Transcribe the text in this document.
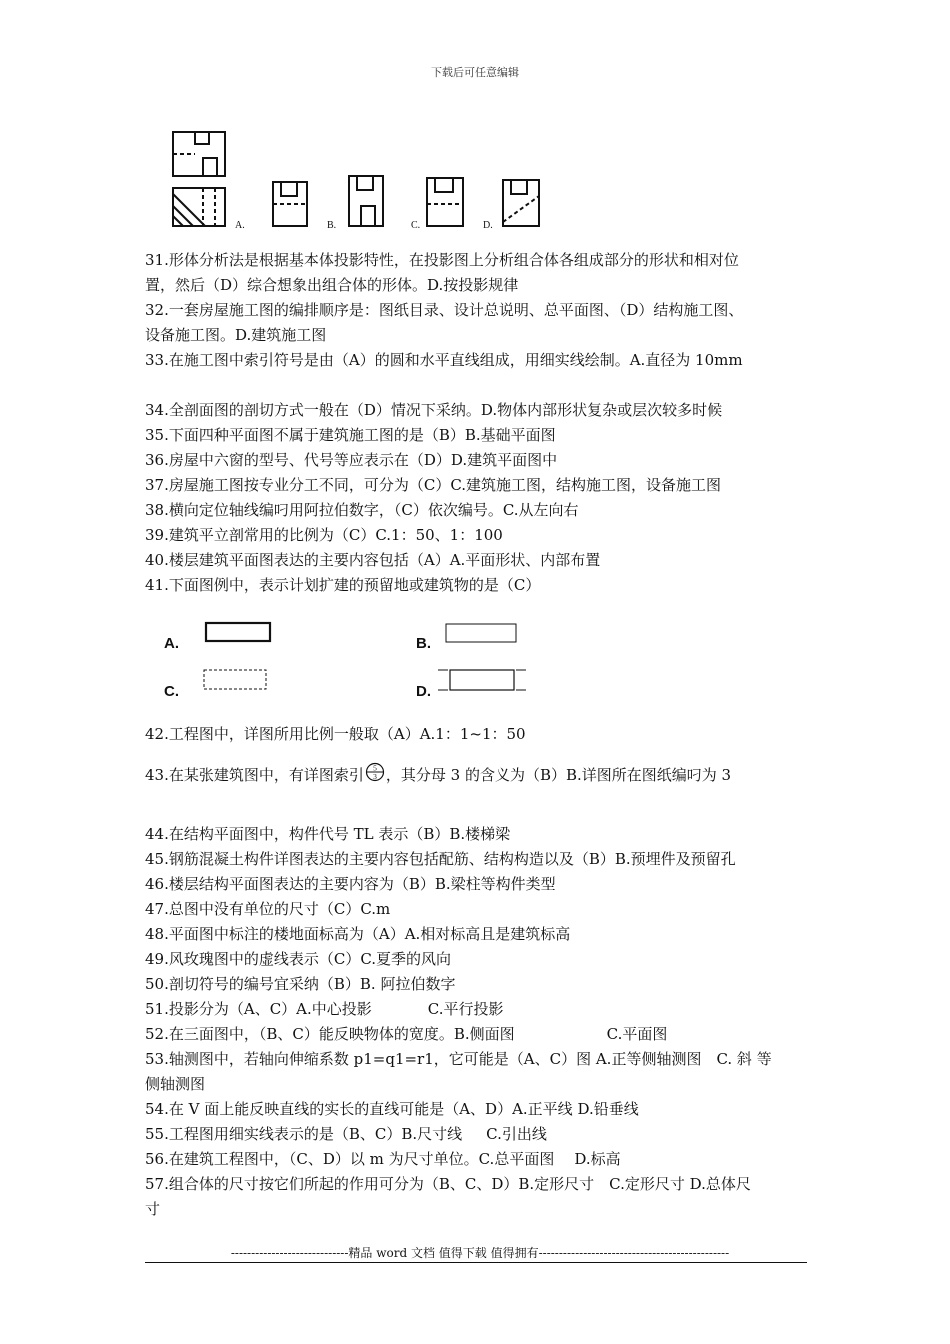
下载后可任意编辑
A.	B.	C.	D.

31.形体分析法是根据基本体投影特性，在投影图上分析组合体各组成部分的形状和相对位

置，然后（D）综合想象出组合体的形体。D.按投影规律

32.一套房屋施工图的编排顺序是：图纸目录、设计总说明、总平面图、（D）结构施工图、

设备施工图。D.建筑施工图

33.在施工图中索引符号是由（A）的圆和水平直线组成，用细实线绘制。A.直径为 10mm

34.全剖面图的剖切方式一般在（D）情况下采纳。D.物体内部形状复杂或层次较多时候

35.下面四种平面图不属于建筑施工图的是（B）B.基础平面图

36.房屋中六窗的型号、代号等应表示在（D）D.建筑平面图中

37.房屋施工图按专业分工不同，可分为（C）C.建筑施工图，结构施工图，设备施工图

38.横向定位轴线编叼用阿拉伯数字，（C）依次编号。C.从左向右

39.建筑平立剖常用的比例为（C）C.1：50、1：100

40.楼层建筑平面图表达的主要内容包括（A）A.平面形状、内部布置

41.下面图例中，表示计划扩建的预留地或建筑物的是（C）

A.	B.
C.	D.

42.工程图中，详图所用比例一般取（A）A.1：1~1：50

43.在某张建筑图中，有详图索引 5
3 ，其分母 3 的含义为（B）B.详图所在图纸编叼为 3

44.在结构平面图中，构件代号 TL 表示（B）B.楼梯梁

45.钢筋混凝土构件详图表达的主要内容包括配筋、结构构造以及（B）B.预埋件及预留孔

46.楼层结构平面图表达的主要内容为（B）B.梁柱等构件类型

47.总图中没有单位的尺寸（C）C.m

48.平面图中标注的楼地面标高为（A）A.相对标高且是建筑标高

49.风玫瑰图中的虚线表示（C）C.夏季的风向

50.剖切符号的编号宜采纳（B）B. 阿拉伯数字

51.投影分为（A、C）A.中心投影	C.平行投影

52.在三面图中，（B、C）能反映物体的宽度。B.侧面图	C.平面图

53.轴测图中，若轴向伸缩系数 p1=q1=r1，它可能是（A、C）图 A.正等侧轴测图　C. 斜 等

侧轴测图

54.在 V 面上能反映直线的实长的直线可能是（A、D）A.正平线 D.铅垂线

55.工程图用细实线表示的是（B、C）B.尺寸线 C.引出线

56.在建筑工程图中，（C、D）以 m 为尺寸单位。C.总平面图 D.标高

57.组合体的尺寸按它们所起的作用可分为（B、C、D）B.定形尺寸　C.定形尺寸 D.总体尺

寸

-----------------------------精品 word 文档 值得下载 值得拥有-----------------------------------------------
